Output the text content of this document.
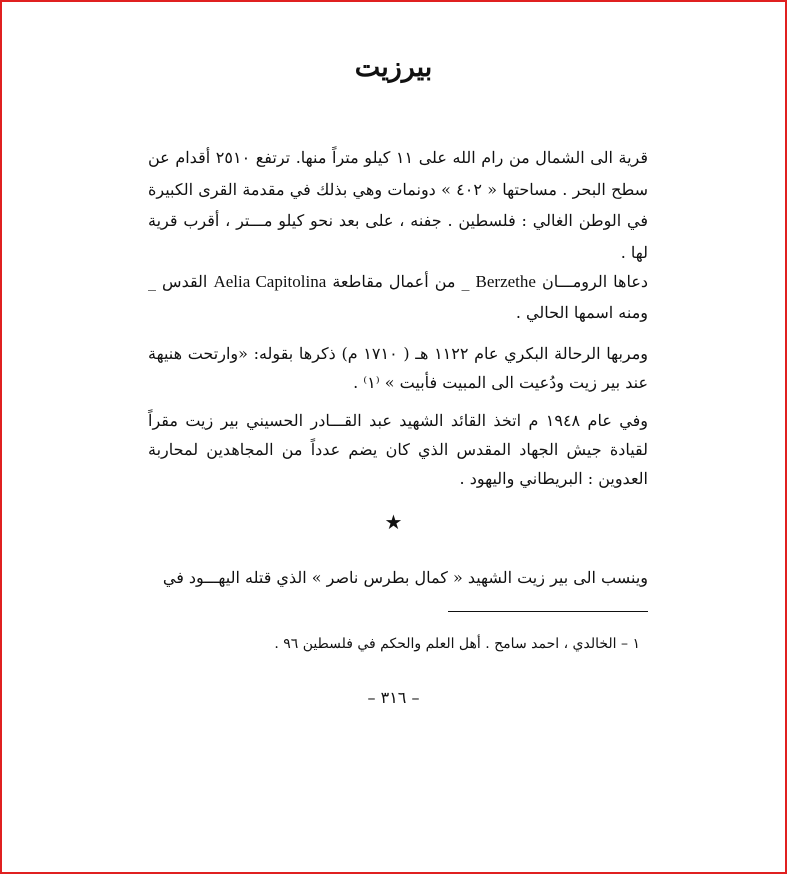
بيرزيت
قرية الى الشمال من رام الله على ١١ كيلو متراً منها. ترتفع ٢٥١٠ أقدام عن سطح البحر . مساحتها « ٤٠٢ » دونمات وهي بذلك في مقدمة القرى الكبيرة في الوطن الغالي : فلسطين . جفنه ، على بعد نحو كيلو مـــتر ، أقرب قرية لها .
دعاها الرومـــان Berzethe _ من أعمال مقاطعة Aelia Capitolina القدس _ ومنه اسمها الحالي .
ومربها الرحالة البكري عام ١١٢٢ هـ ( ١٧١٠ م) ذكرها بقوله: «وارتحت هنيهة عند بير زيت ودُعيت الى المبيت فأبيت » ⁽١⁾ .
وفي عام ١٩٤٨ م اتخذ القائد الشهيد عبد القـــادر الحسيني بير زيت مقراً لقيادة جيش الجهاد المقدس الذي كان يضم عدداً من المجاهدين لمحاربة العدوين : البريطاني واليهود .
★
وينسب الى بير زيت الشهيد « كمال بطرس ناصر » الذي قتله اليهـــود في
١ – الخالدي ، احمد سامح . أهل العلم والحكم في فلسطين ٩٦ .
– ٣١٦ –
